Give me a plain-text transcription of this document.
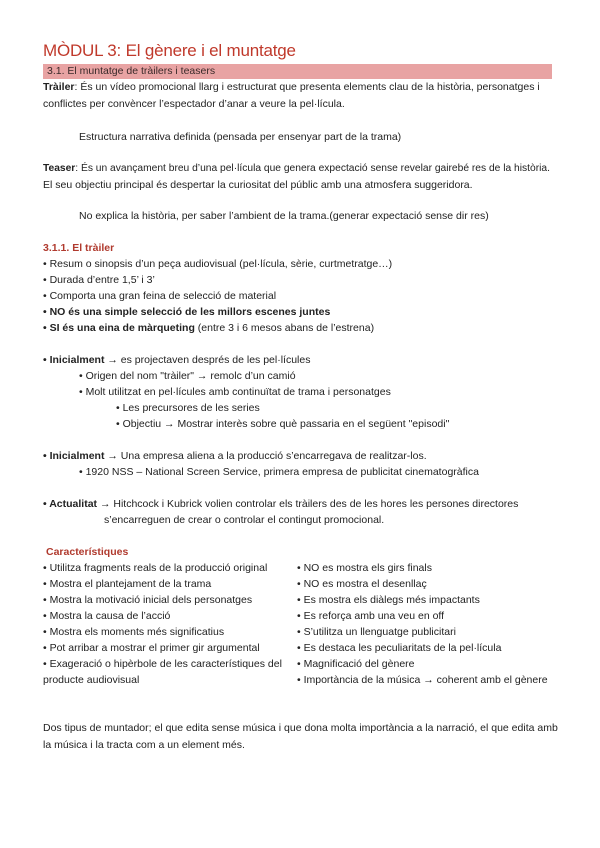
MÒDUL 3: El gènere i el muntatge
3.1. El muntatge de tràilers i teasers
Tràiler: És un vídeo promocional llarg i estructurat que presenta elements clau de la història, personatges i
conflictes per convèncer l’espectador d’anar a veure la pel·lícula.
Estructura narrativa definida (pensada per ensenyar part de la trama)
Teaser: És un avançament breu d’una pel·lícula que genera expectació sense revelar gairebé res de la història.
El seu objectiu principal és despertar la curiositat del públic amb una atmosfera suggeridora.
No explica la història, per saber l’ambient de la trama.(generar expectació sense dir res)
3.1.1. El tràiler
• Resum o sinopsis d’un peça audiovisual (pel·lícula, sèrie, curtmetratge…)
• Durada d’entre 1,5’ i 3’
• Comporta una gran feina de selecció de material
• NO és una simple selecció de les millors escenes juntes
• SI és una eina de màrqueting (entre 3 i 6 mesos abans de l’estrena)
• Inicialment → es projectaven després de les pel·lícules
• Origen del nom "tràiler" → remolc d’un camió
• Molt utilitzat en pel·lícules amb continuïtat de trama i personatges
• Les precursores de les series
• Objectiu → Mostrar interès sobre què passaria en el següent "episodi"
• Inicialment → Una empresa aliena a la producció s’encarregava de realitzar-los.
• 1920 NSS – National Screen Service, primera empresa de publicitat cinematogràfica
• Actualitat → Hitchcock i Kubrick volien controlar els tràilers des de les hores les persones directores
s’encarreguen de crear o controlar el contingut promocional.
Característiques
• Utilitza fragments reals de la producció original
• Mostra el plantejament de la trama
• Mostra la motivació inicial dels personatges
• Mostra la causa de l’acció
• Mostra els moments més significatius
• Pot arribar a mostrar el primer gir argumental
• Exageració o hipèrbole de les característiques del
producte audiovisual
• NO es mostra els girs finals
• NO es mostra el desenllaç
• Es mostra els diàlegs més impactants
• Es reforça amb una veu en off
• S’utilitza un llenguatge publicitari
• Es destaca les peculiaritats de la pel·lícula
• Magnificació del gènere
• Importància de la música → coherent amb el gènere
Dos tipus de muntador; el que edita sense música i que dona molta importància a la narració, el que edita amb
la música i la tracta com a un element més.
